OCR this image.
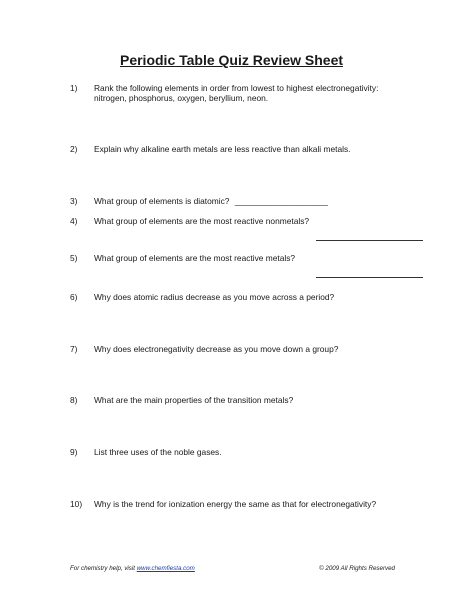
Periodic Table Quiz Review Sheet
1) Rank the following elements in order from lowest to highest electronegativity: nitrogen, phosphorus, oxygen, beryllium, neon.
2) Explain why alkaline earth metals are less reactive than alkali metals.
3) What group of elements is diatomic? ____________________
4) What group of elements are the most reactive nonmetals?
5) What group of elements are the most reactive metals?
6) Why does atomic radius decrease as you move across a period?
7) Why does electronegativity decrease as you move down a group?
8) What are the main properties of the transition metals?
9) List three uses of the noble gases.
10) Why is the trend for ionization energy the same as that for electronegativity?
For chemistry help, visit www.chemfiesta.com	© 2009 All Rights Reserved
